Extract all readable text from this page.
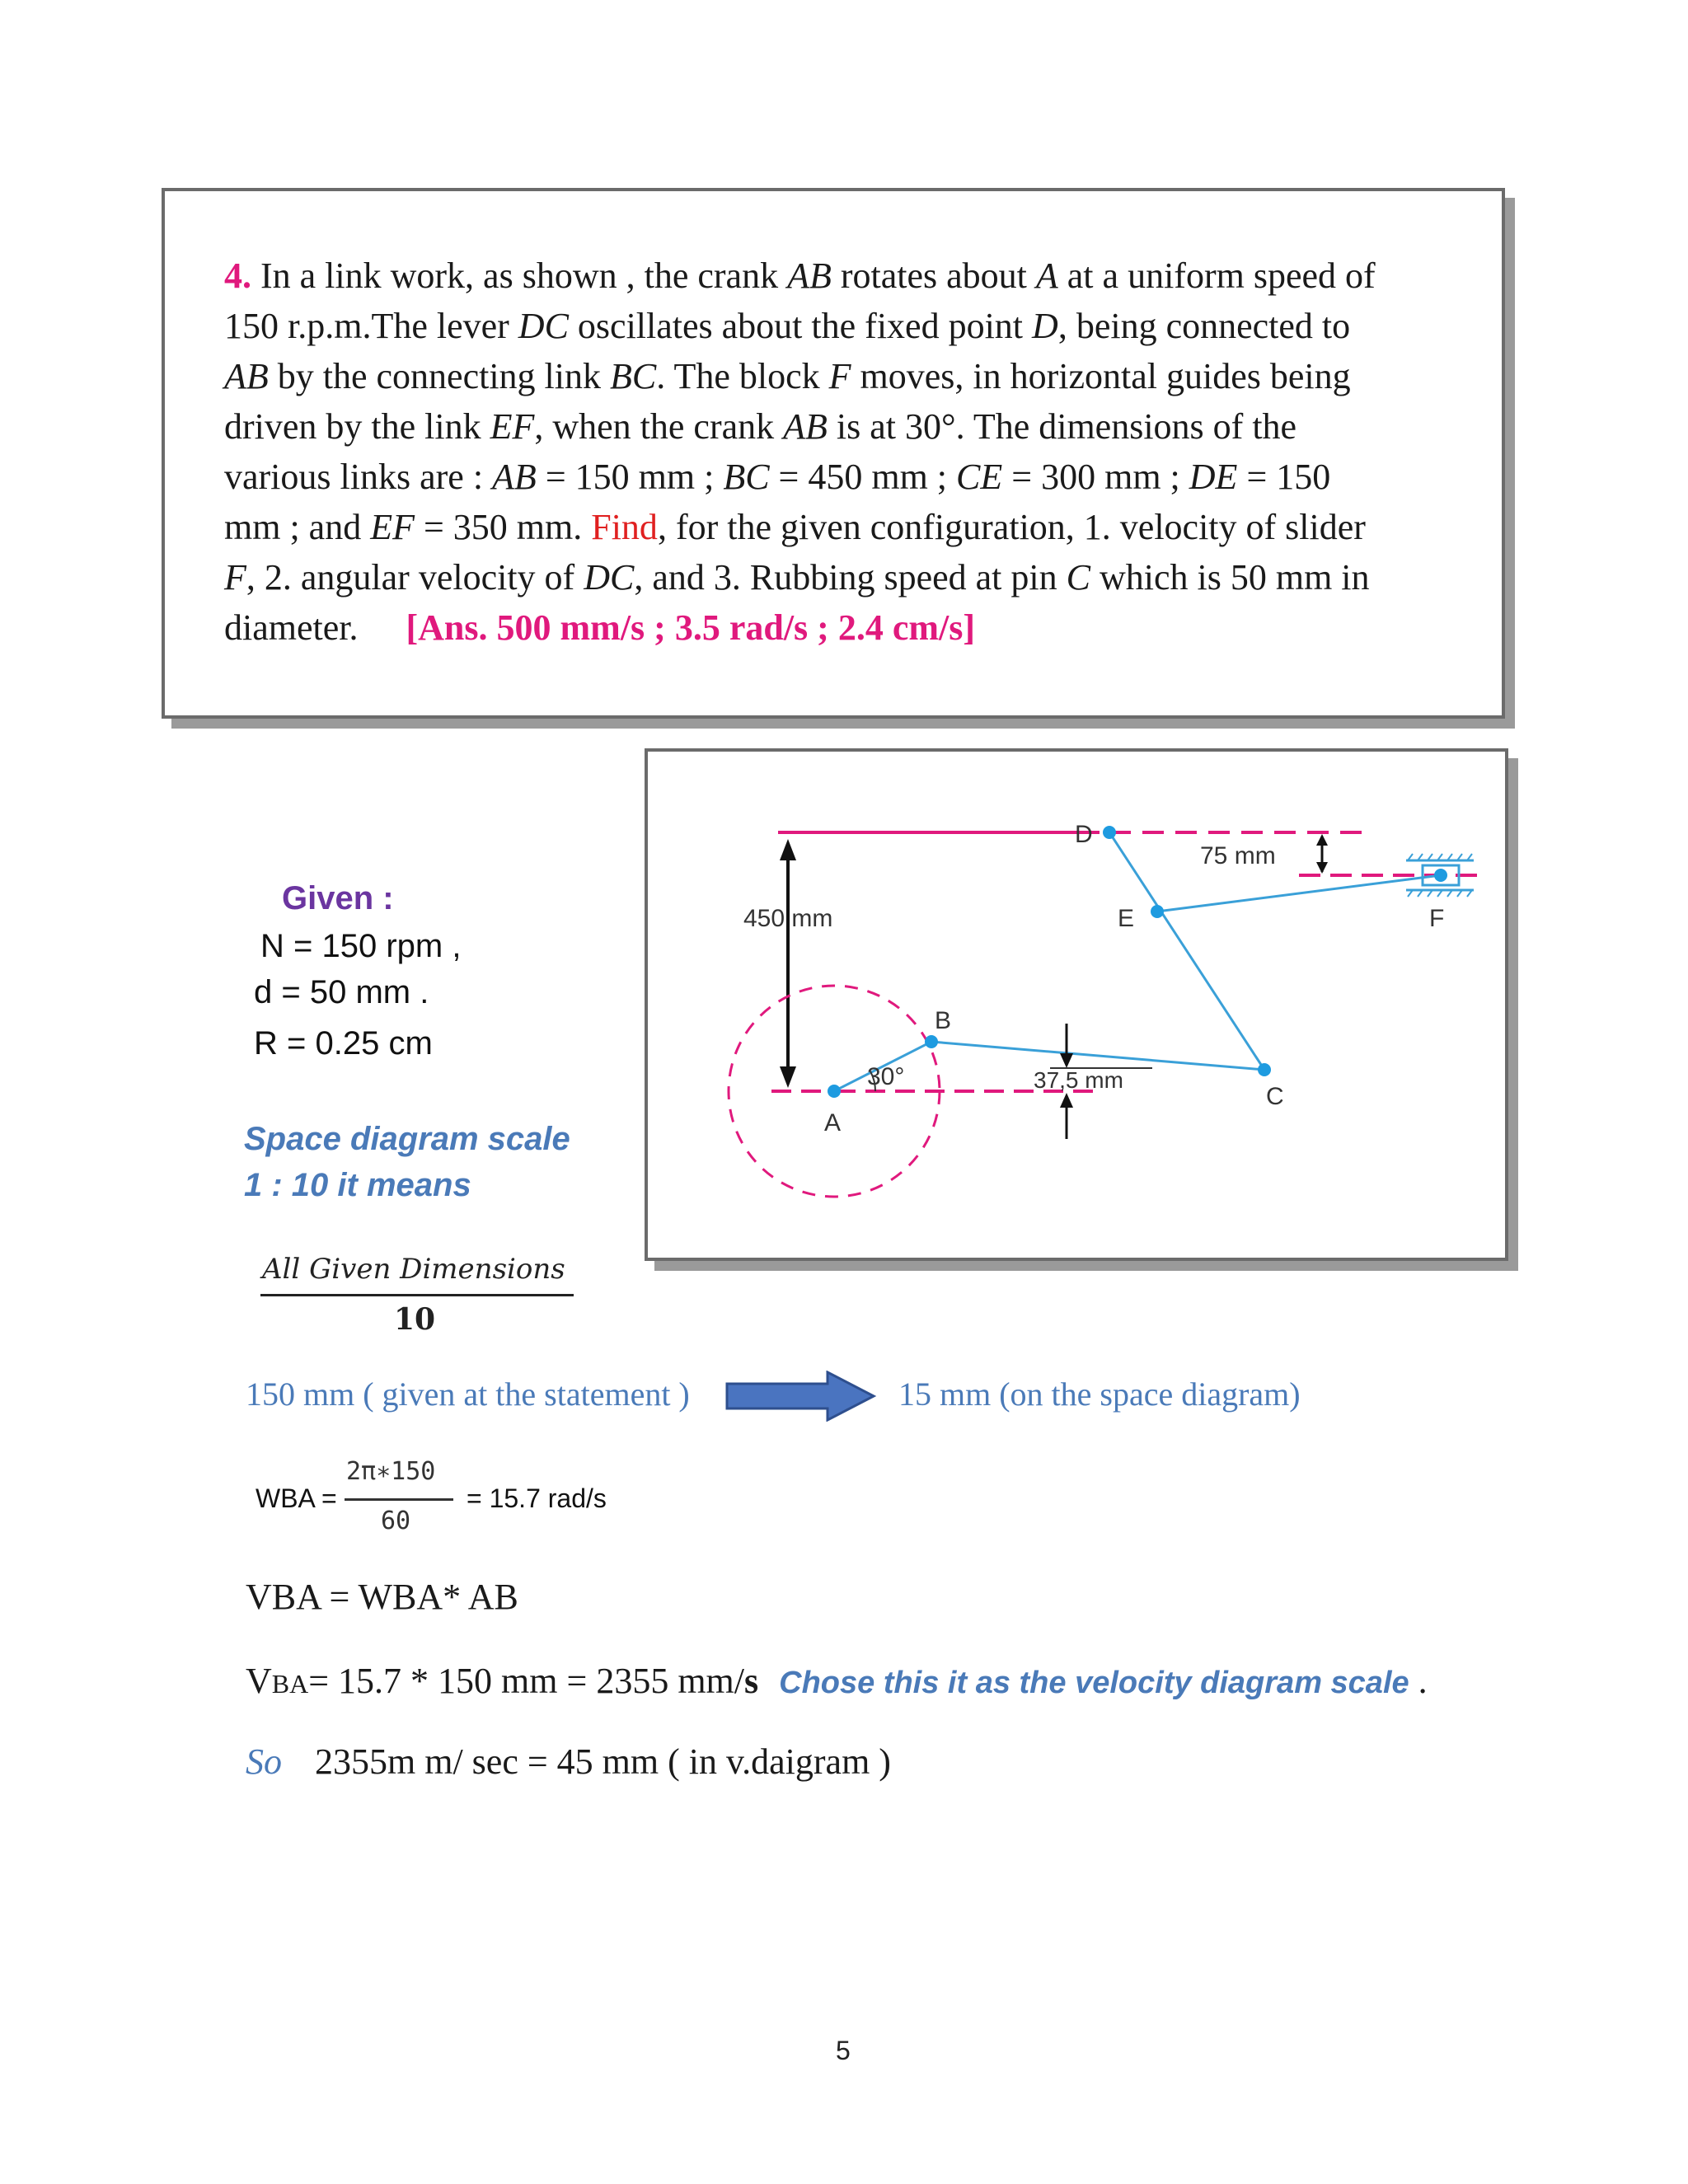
4. In a link work, as shown , the crank AB rotates about A at a uniform speed of
150 r.p.m.The lever DC oscillates about the fixed point D, being connected to
AB by the connecting link BC. The block F moves, in horizontal guides being
driven by the link EF, when the crank AB is at 30°. The dimensions of the
various links are : AB = 150 mm ; BC = 450 mm ; CE = 300 mm ; DE = 150
mm ; and EF = 350 mm. Find, for the given configuration, 1. velocity of slider
F, 2. angular velocity of DC, and 3. Rubbing speed at pin C which is 50 mm in
diameter. [Ans. 500 mm/s ; 3.5 rad/s ; 2.4 cm/s]
450 mm
75 mm
37,5 mm
30°
D
E	F
B
A
C
Given :
N = 150 rpm ,
d = 50 mm .
R = 0.25 cm
Space diagram scale
1 : 10 it means
All Given Dimensions
10
150 mm ( given at the statement )	15 mm (on the space diagram)
WBA =
2π∗150
60
= 15.7 rad/s
VBA = WBA* AB
VBA= 15.7 * 150 mm = 2355 mm/s Chose this it as the velocity diagram scale .
So 2355m m/ sec = 45 mm ( in v.daigram )
5
